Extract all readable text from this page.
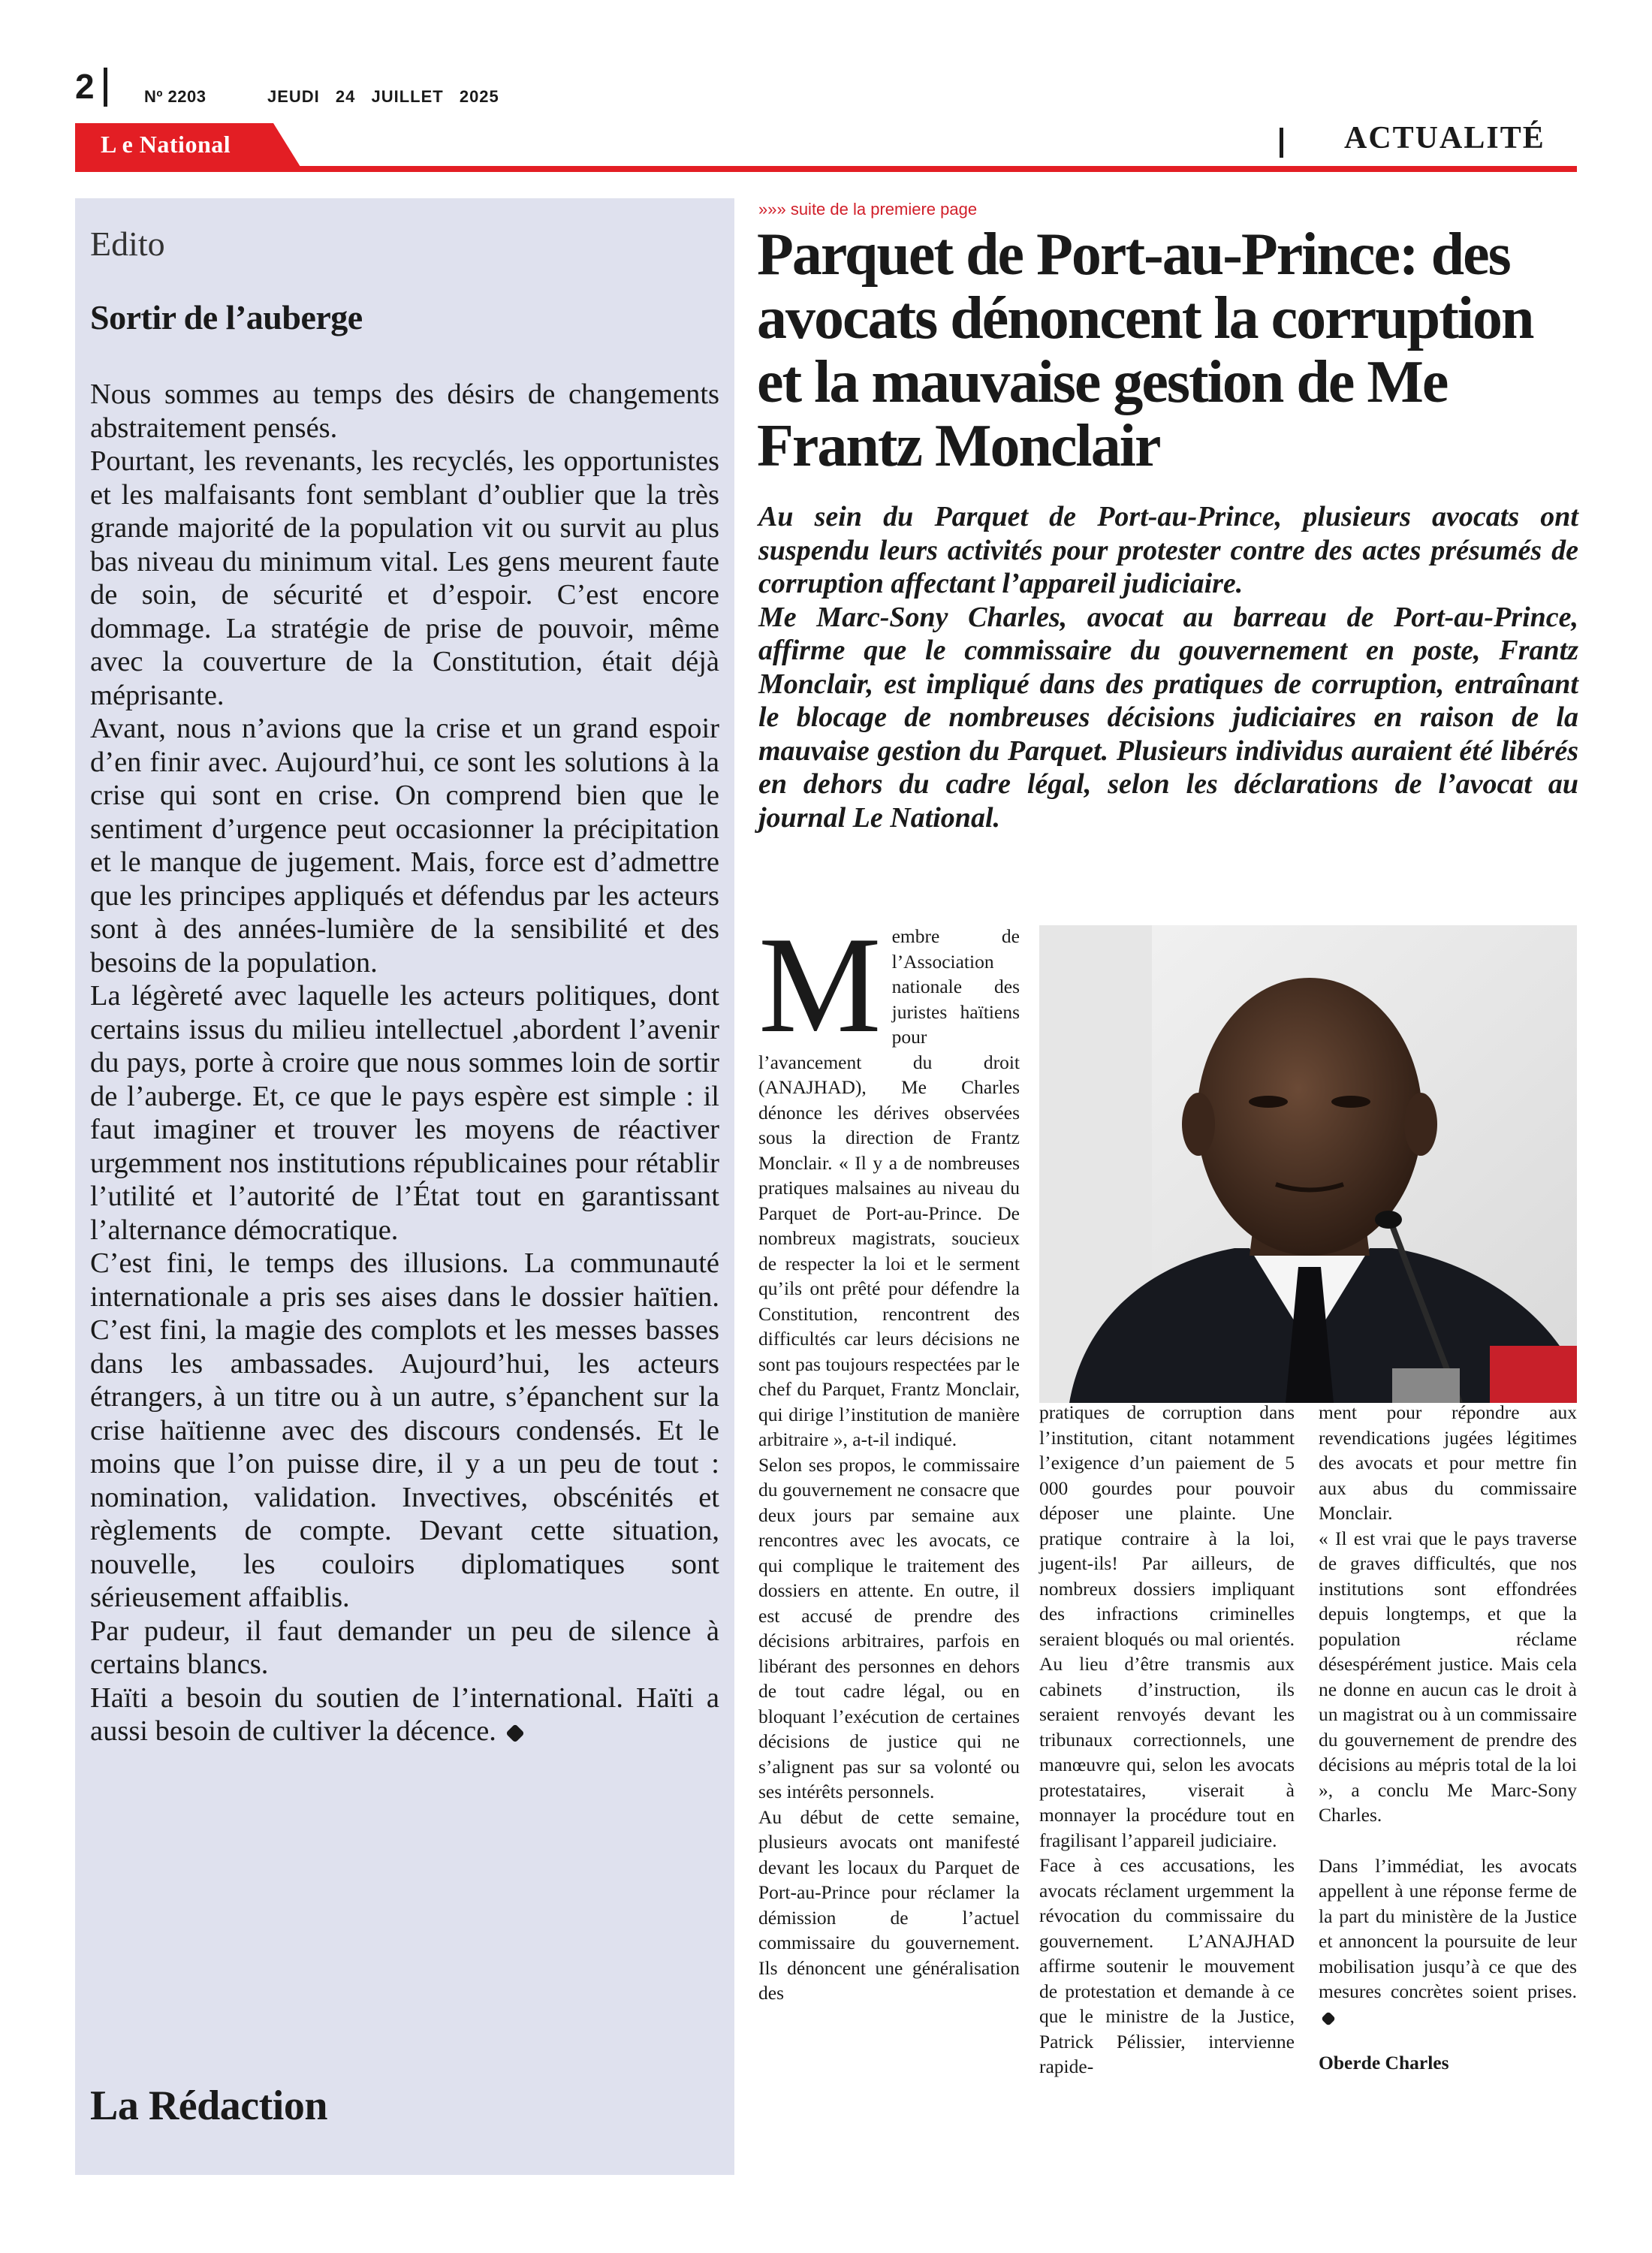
2	Nº 2203	JEUDI 24 JUILLET 2025
L e National	ACTUALITÉ
Edito
Sortir de l’auberge

Nous sommes au temps des désirs de changements abstraitement pensés.

Pourtant, les revenants, les recyclés, les opportunistes et les malfaisants font semblant d’oublier que la très grande majorité de la population vit ou survit au plus bas niveau du minimum vital. Les gens meurent faute de soin, de sécurité et d’espoir. C’est encore dommage. La stratégie de prise de pouvoir, même avec la couverture de la Constitution, était déjà méprisante.

Avant, nous n’avions que la crise et un grand espoir d’en finir avec. Aujourd’hui, ce sont les solutions à la crise qui sont en crise. On comprend bien que le sentiment d’urgence peut occasionner la précipitation et le manque de jugement. Mais, force est d’admettre que les principes appliqués et défendus par les acteurs sont à des années-lumière de la sensibilité et des besoins de la population.

La légèreté avec laquelle les acteurs politiques, dont certains issus du milieu intellectuel ,abordent l’avenir du pays, porte à croire que nous sommes loin de sortir de l’auberge. Et, ce que le pays espère est simple : il faut imaginer et trouver les moyens de réactiver urgemment nos institutions républicaines pour rétablir l’utilité et l’autorité de l’État tout en garantissant l’alternance démocratique.

C’est fini, le temps des illusions. La communauté internationale a pris ses aises dans le dossier haïtien. C’est fini, la magie des complots et les messes basses dans les ambassades. Aujourd’hui, les acteurs étrangers, à un titre ou à un autre, s’épanchent sur la crise haïtienne avec des discours condensés. Et le moins que l’on puisse dire, il y a un peu de tout : nomination, validation. Invectives, obscénités et règlements de compte. Devant cette situation, nouvelle, les couloirs diplomatiques sont sérieusement affaiblis.

Par pudeur, il faut demander un peu de silence à certains blancs.

Haïti a besoin du soutien de l’international. Haïti a aussi besoin de cultiver la décence.

La Rédaction
»»» suite de la premiere page
Parquet de Port-au-Prince: des avocats dénoncent la corruption et la mauvaise gestion de Me Frantz Monclair

Au sein du Parquet de Port-au-Prince, plusieurs avocats ont suspendu leurs activités pour protester contre des actes présumés de corruption affectant l’appareil judiciaire.

Me Marc-Sony Charles, avocat au barreau de Port-au-Prince, affirme que le commissaire du gouvernement en poste, Frantz Monclair, est impliqué dans des pratiques de corruption, entraînant le blocage de nombreuses décisions judiciaires en raison de la mauvaise gestion du Parquet. Plusieurs individus auraient été libérés en dehors du cadre légal, selon les déclarations de l’avocat au journal Le National.

Membre de l’Association nationale des juristes haïtiens pour l’avancement du droit (ANAJHAD), Me Charles dénonce les dérives observées sous la direction de Frantz Monclair. « Il y a de nombreuses pratiques malsaines au niveau du Parquet de Port-au-Prince. De nombreux magistrats, soucieux de respecter la loi et le serment qu’ils ont prêté pour défendre la Constitution, rencontrent des difficultés car leurs décisions ne sont pas toujours respectées par le chef du Parquet, Frantz Monclair, qui dirige l’institution de manière arbitraire », a-t-il indiqué.

Selon ses propos, le commissaire du gouvernement ne consacre que deux jours par semaine aux rencontres avec les avocats, ce qui complique le traitement des dossiers en attente. En outre, il est accusé de prendre des décisions arbitraires, parfois en libérant des personnes en dehors de tout cadre légal, ou en bloquant l’exécution de certaines décisions de justice qui ne s’alignent pas sur sa volonté ou ses intérêts personnels.

Au début de cette semaine, plusieurs avocats ont manifesté devant les locaux du Parquet de Port-au-Prince pour réclamer la démission de l’actuel commissaire du gouvernement. Ils dénoncent une généralisation des

pratiques de corruption dans l’institution, citant notamment l’exigence d’un paiement de 5 000 gourdes pour pouvoir déposer une plainte. Une pratique contraire à la loi, jugent-ils! Par ailleurs, de nombreux dossiers impliquant des infractions criminelles seraient bloqués ou mal orientés. Au lieu d’être transmis aux cabinets d’instruction, ils seraient renvoyés devant les tribunaux correctionnels, une manœuvre qui, selon les avocats protestataires, viserait à monnayer la procédure tout en fragilisant l’appareil judiciaire.

Face à ces accusations, les avocats réclament urgemment la révocation du commissaire du gouvernement. L’ANAJHAD affirme soutenir le mouvement de protestation et demande à ce que le ministre de la Justice, Patrick Pélissier, intervienne rapide-

ment pour répondre aux revendications jugées légitimes des avocats et pour mettre fin aux abus du commissaire Monclair.

« Il est vrai que le pays traverse de graves difficultés, que nos institutions sont effondrées depuis longtemps, et que la population réclame désespérément justice. Mais cela ne donne en aucun cas le droit à un magistrat ou à un commissaire du gouvernement de prendre des décisions au mépris total de la loi », a conclu Me Marc-Sony Charles.

Dans l’immédiat, les avocats appellent à une réponse ferme de la part du ministère de la Justice et annoncent la poursuite de leur mobilisation jusqu’à ce que des mesures concrètes soient prises.

Oberde Charles
